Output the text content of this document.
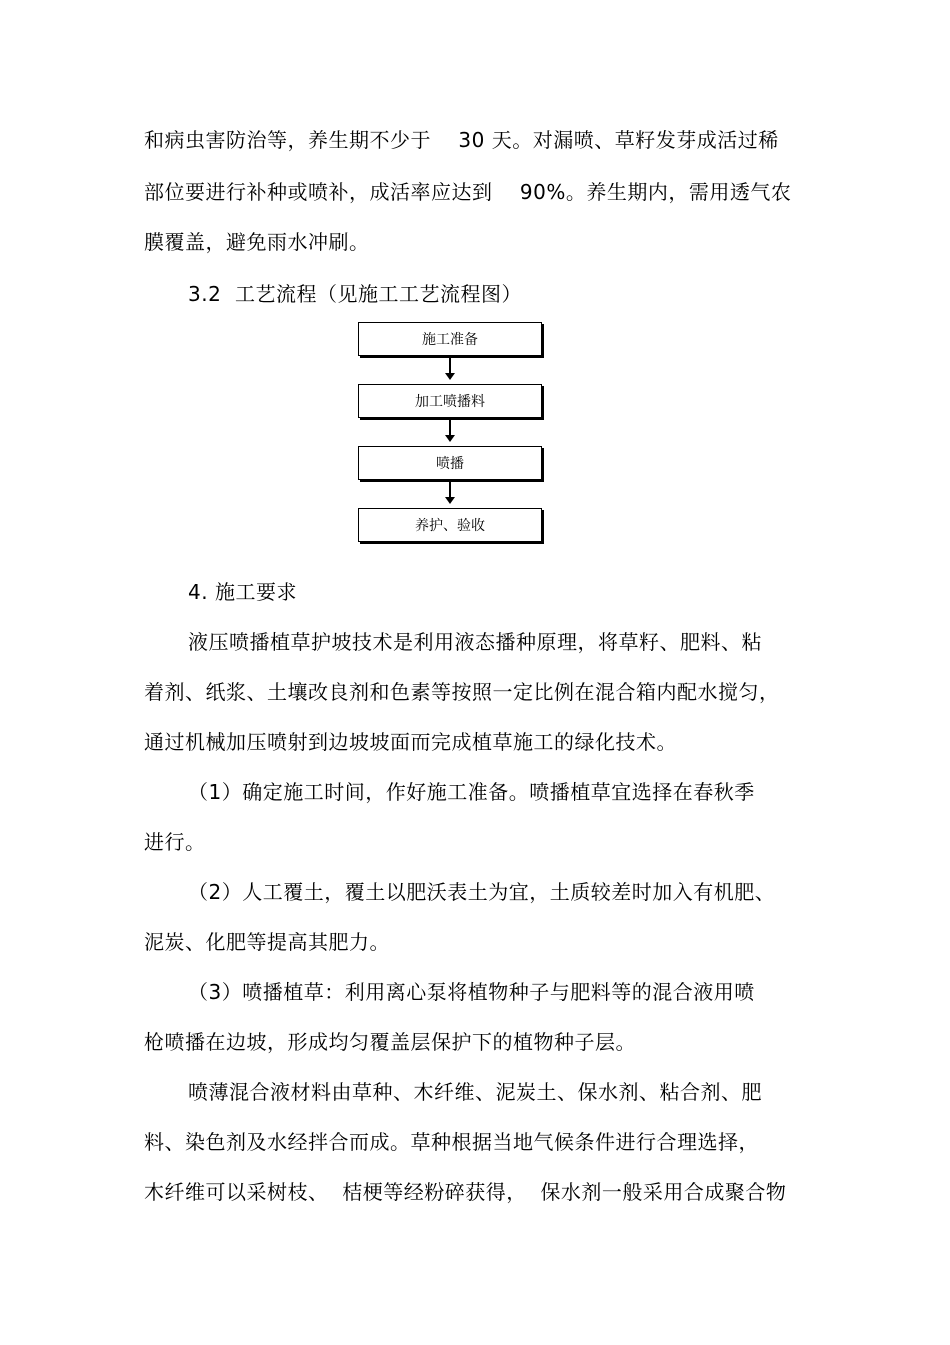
和病虫害防治等，养生期不少于    30 天。对漏喷、草籽发芽成活过稀
部位要进行补种或喷补，成活率应达到    90%。养生期内，需用透气农
膜覆盖，避免雨水冲刷。
3.2  工艺流程（见施工工艺流程图）
施工准备
加工喷播料
喷播
养护、验收
4. 施工要求
液压喷播植草护坡技术是利用液态播种原理，将草籽、肥料、粘
着剂、纸浆、土壤改良剂和色素等按照一定比例在混合箱内配水搅匀，
通过机械加压喷射到边坡坡面而完成植草施工的绿化技术。
（1）确定施工时间，作好施工准备。喷播植草宜选择在春秋季
进行。
（2）人工覆土，覆土以肥沃表土为宜，土质较差时加入有机肥、
泥炭、化肥等提高其肥力。
（3）喷播植草：利用离心泵将植物种子与肥料等的混合液用喷
枪喷播在边坡，形成均匀覆盖层保护下的植物种子层。
喷薄混合液材料由草种、木纤维、泥炭土、保水剂、粘合剂、肥
料、染色剂及水经拌合而成。草种根据当地气候条件进行合理选择，
木纤维可以采树枝、  桔梗等经粉碎获得，  保水剂一般采用合成聚合物
